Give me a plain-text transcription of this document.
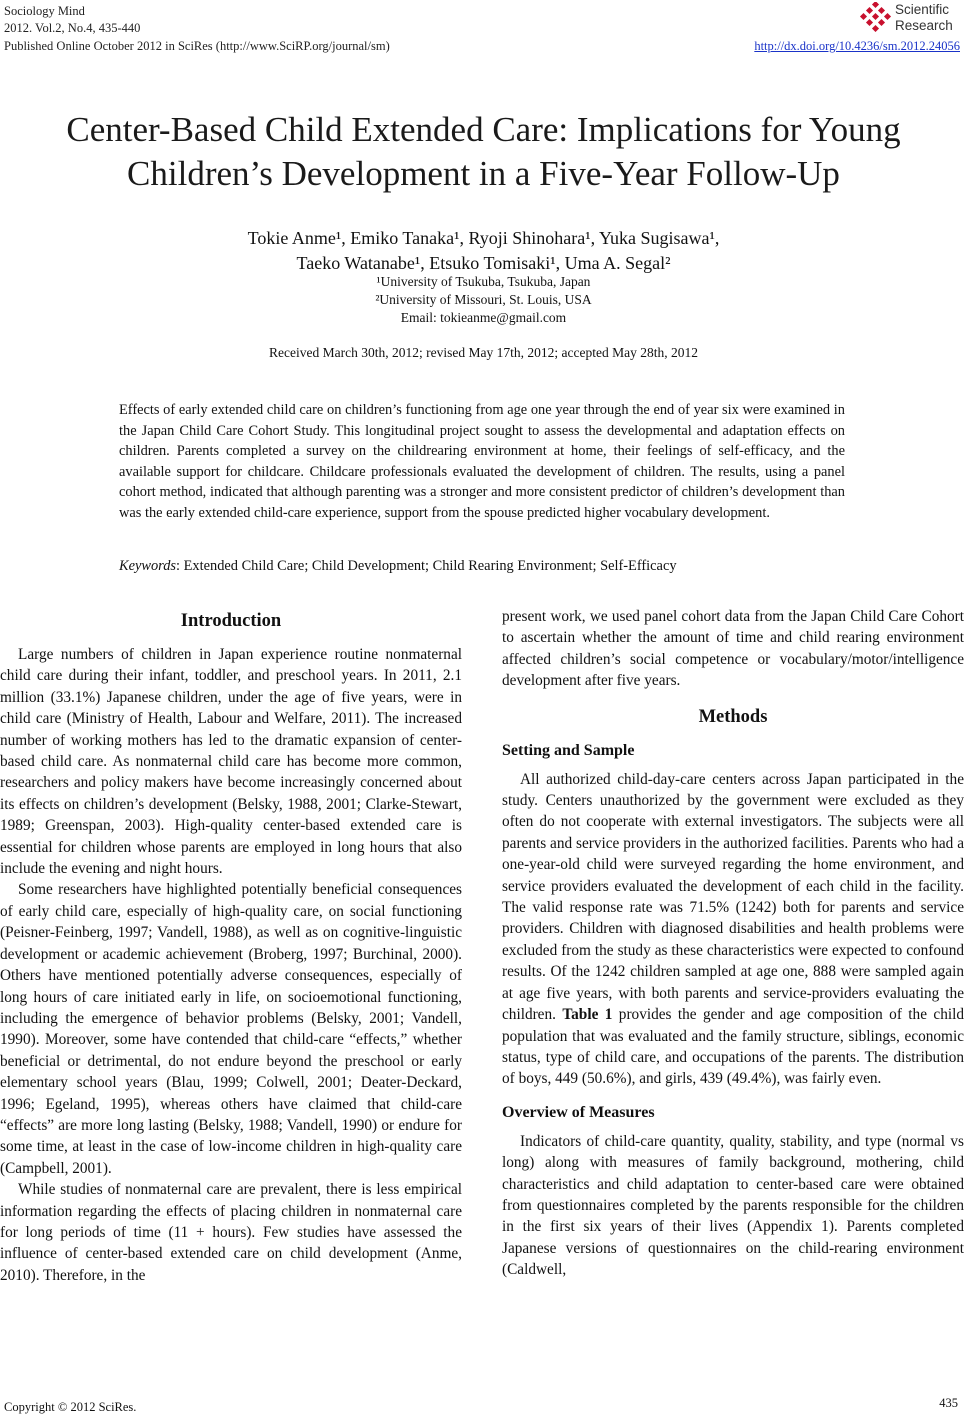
Sociology Mind
2012. Vol.2, No.4, 435-440
Published Online October 2012 in SciRes (http://www.SciRP.org/journal/sm)	http://dx.doi.org/10.4236/sm.2012.24056
Scientific
Research
Center-Based Child Extended Care: Implications for Young
Children’s Development in a Five-Year Follow-Up
Tokie Anme¹, Emiko Tanaka¹, Ryoji Shinohara¹, Yuka Sugisawa¹,
Taeko Watanabe¹, Etsuko Tomisaki¹, Uma A. Segal²
¹University of Tsukuba, Tsukuba, Japan
²University of Missouri, St. Louis, USA
Email: tokieanme@gmail.com
Received March 30th, 2012; revised May 17th, 2012; accepted May 28th, 2012
Effects of early extended child care on children’s functioning from age one year through the end of year six were examined in the Japan Child Care Cohort Study. This longitudinal project sought to assess the developmental and adaptation effects on children. Parents completed a survey on the childrearing environment at home, their feelings of self-efficacy, and the available support for childcare. Childcare professionals evaluated the development of children. The results, using a panel cohort method, indicated that although parenting was a stronger and more consistent predictor of children’s development than was the early extended child-care experience, support from the spouse predicted higher vocabulary development.
Keywords: Extended Child Care; Child Development; Child Rearing Environment; Self-Efficacy
Introduction

Large numbers of children in Japan experience routine nonmaternal child care during their infant, toddler, and preschool years. In 2011, 2.1 million (33.1%) Japanese children, under the age of five years, were in child care (Ministry of Health, Labour and Welfare, 2011). The increased number of working mothers has led to the dramatic expansion of center-based child care. As nonmaternal child care has become more common, researchers and policy makers have become increasingly concerned about its effects on children’s development (Belsky, 1988, 2001; Clarke-Stewart, 1989; Greenspan, 2003). High-quality center-based extended care is essential for children whose parents are employed in long hours that also include the evening and night hours.

Some researchers have highlighted potentially beneficial consequences of early child care, especially of high-quality care, on social functioning (Peisner-Feinberg, 1997; Vandell, 1988), as well as on cognitive-linguistic development or academic achievement (Broberg, 1997; Burchinal, 2000). Others have mentioned potentially adverse consequences, especially of long hours of care initiated early in life, on socioemotional functioning, including the emergence of behavior problems (Belsky, 2001; Vandell, 1990). Moreover, some have contended that child-care “effects,” whether beneficial or detrimental, do not endure beyond the preschool or early elementary school years (Blau, 1999; Colwell, 2001; Deater-Deckard, 1996; Egeland, 1995), whereas others have claimed that child-care “effects” are more long lasting (Belsky, 1988; Vandell, 1990) or endure for some time, at least in the case of low-income children in high-quality care (Campbell, 2001).

While studies of nonmaternal care are prevalent, there is less empirical information regarding the effects of placing children in nonmaternal care for long periods of time (11 + hours). Few studies have assessed the influence of center-based extended care on child development (Anme, 2010). Therefore, in the

present work, we used panel cohort data from the Japan Child Care Cohort to ascertain whether the amount of time and child rearing environment affected children’s social competence or vocabulary/motor/intelligence development after five years.

Methods
Setting and Sample

All authorized child-day-care centers across Japan participated in the study. Centers unauthorized by the government were excluded as they often do not cooperate with external investigators. The subjects were all parents and service providers in the authorized facilities. Parents who had a one-year-old child were surveyed regarding the home environment, and service providers evaluated the development of each child in the facility. The valid response rate was 71.5% (1242) both for parents and service providers. Children with diagnosed disabilities and health problems were excluded from the study as these characteristics were expected to confound results. Of the 1242 children sampled at age one, 888 were sampled again at age five years, with both parents and service-providers evaluating the children. Table 1 provides the gender and age composition of the child population that was evaluated and the family structure, siblings, economic status, type of child care, and occupations of the parents. The distribution of boys, 449 (50.6%), and girls, 439 (49.4%), was fairly even.

Overview of Measures

Indicators of child-care quantity, quality, stability, and type (normal vs long) along with measures of family background, mothering, child characteristics and child adaptation to center-based care were obtained from questionnaires completed by the parents responsible for the children in the first six years of their lives (Appendix 1). Parents completed Japanese versions of questionnaires on the child-rearing environment (Caldwell,

Copyright © 2012 SciRes.	435
